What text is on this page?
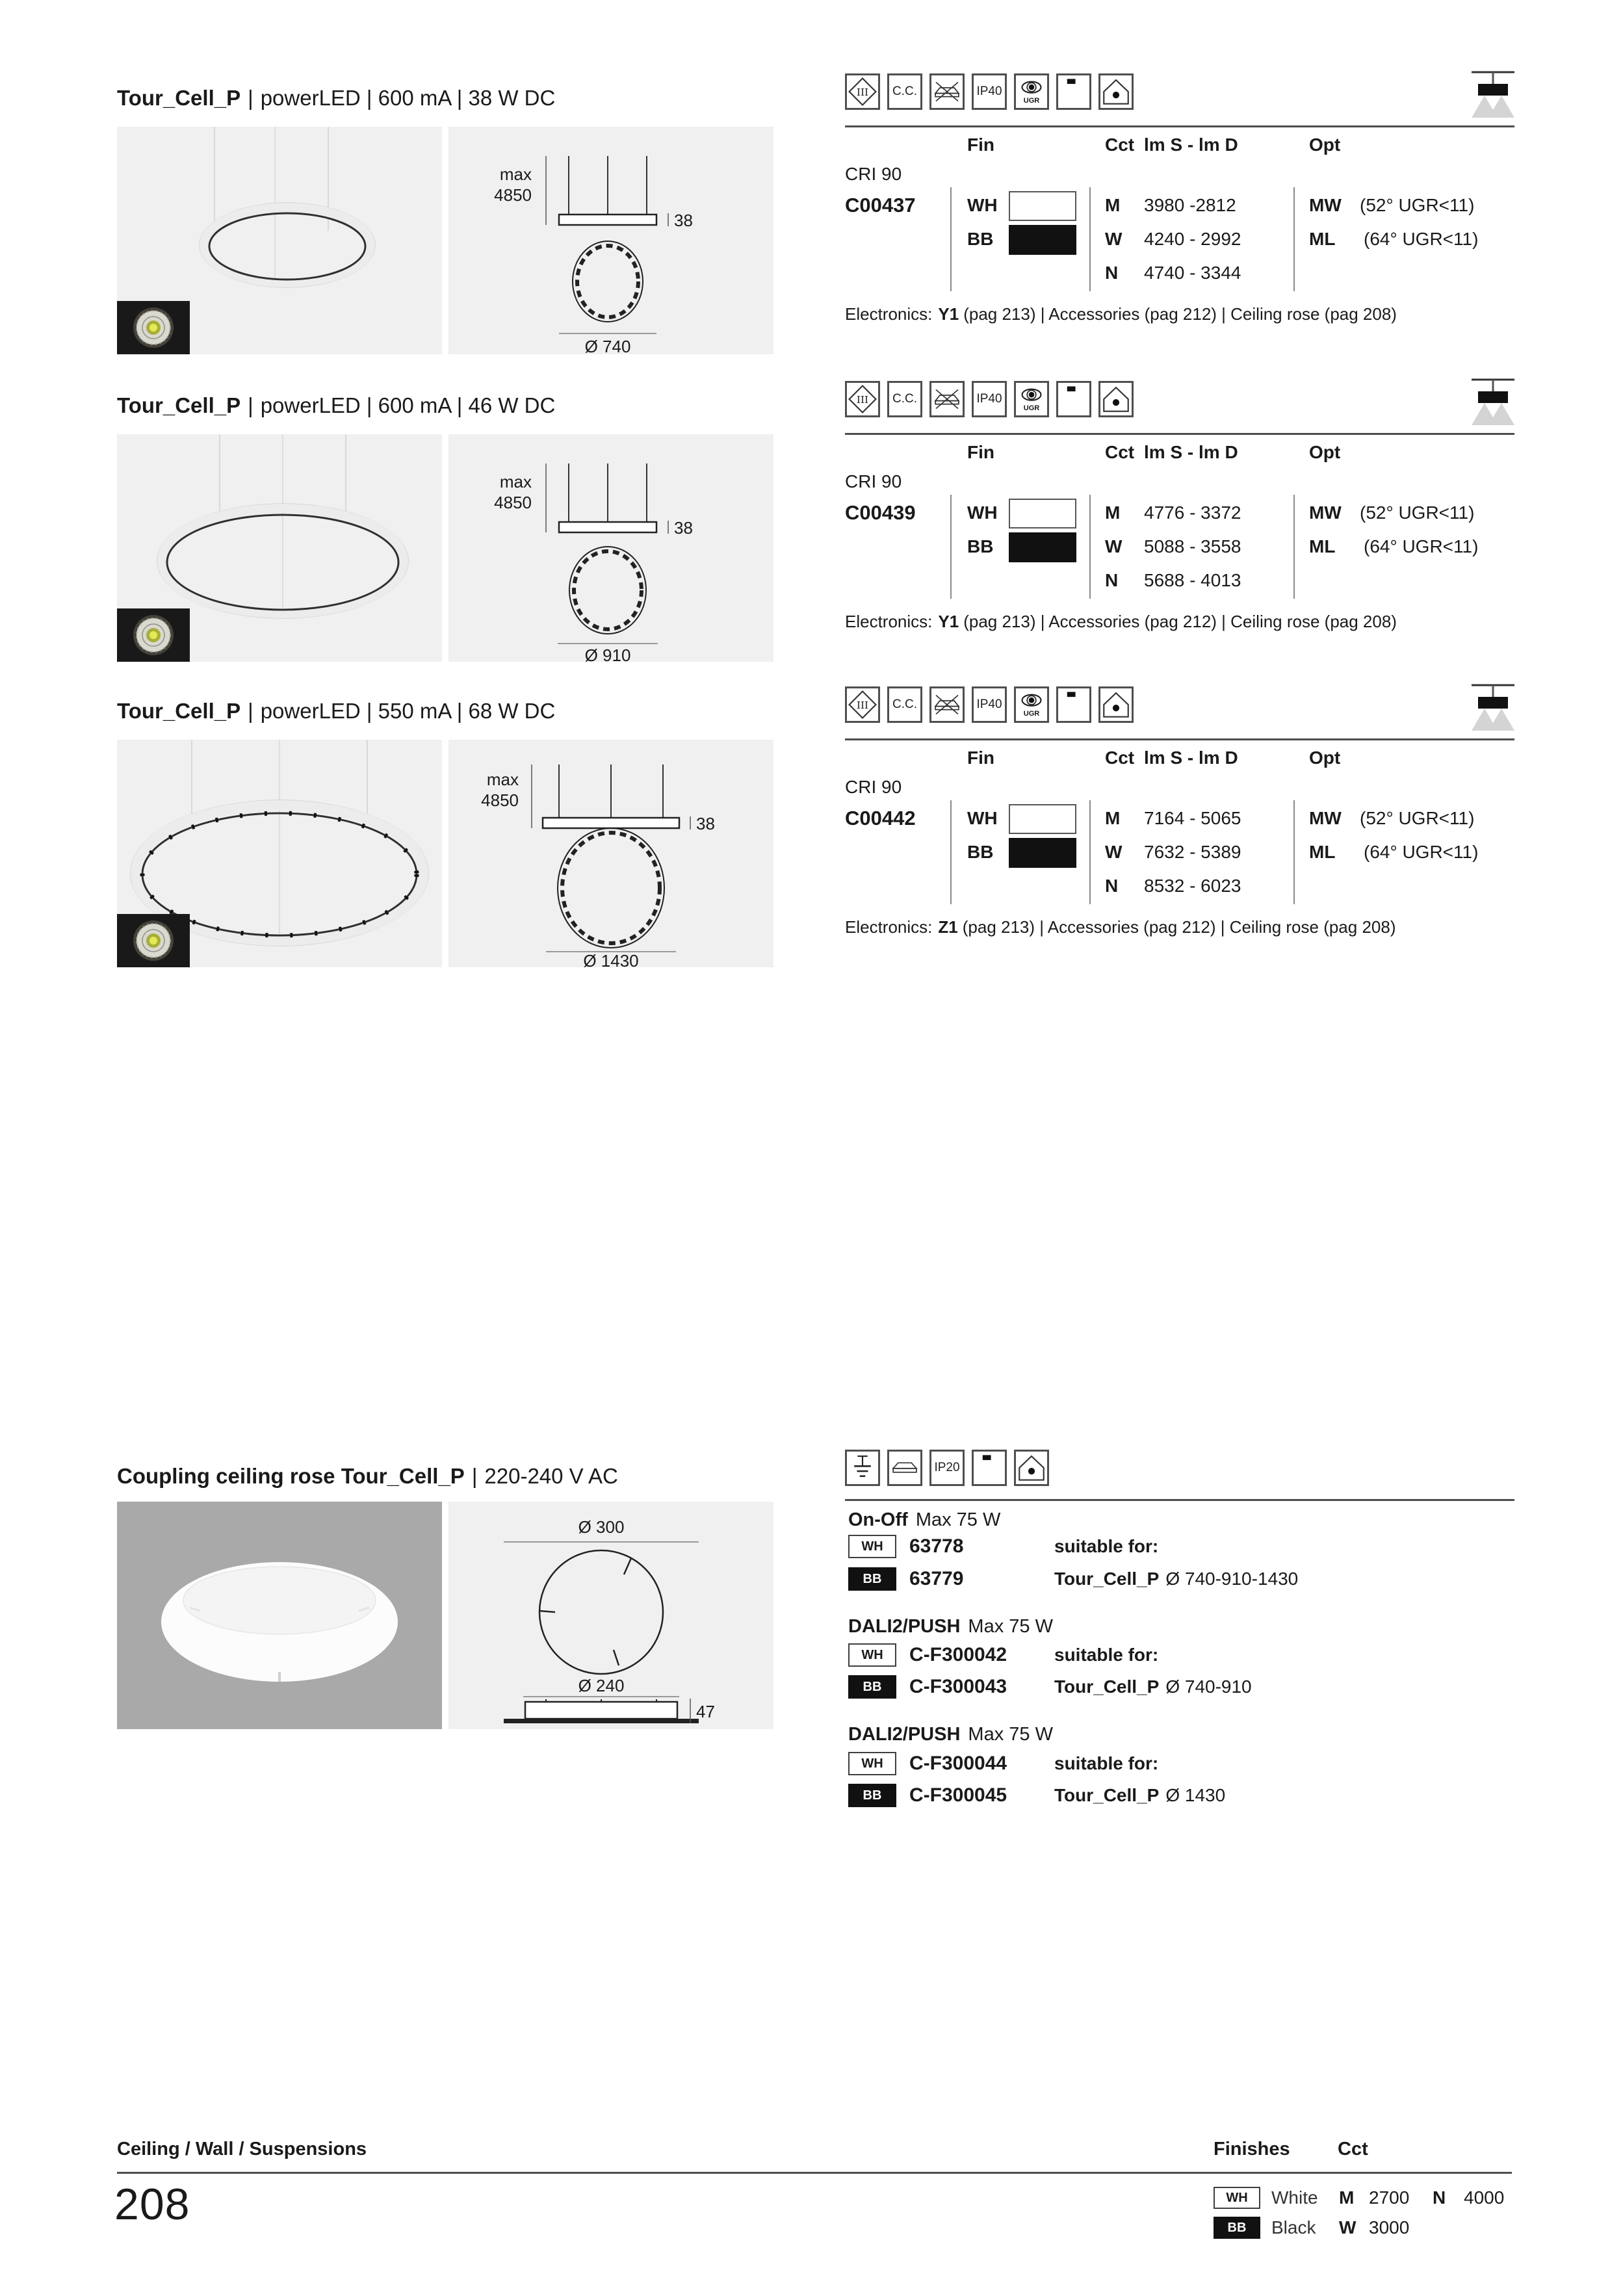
Tour_Cell_P | powerLED | 600 mA | 38 W DC
max
4850
38
Ø 740
III C.C.	IP40
UGR
Fin	Cct lm S - lm D	Opt
CRI 90
C00437	WH	M 3980 -2812	MW (52° UGR<11)
BB	W 4240 - 2992	ML (64° UGR<11)
N 4740 - 3344
Electronics: Y1 (pag 213) | Accessories (pag 212) | Ceiling rose (pag 208)
Tour_Cell_P | powerLED | 600 mA | 46 W DC
max
4850
38
Ø 910
III C.C.	IP40
UGR
Fin	Cct lm S - lm D	Opt
CRI 90
C00439	WH	M 4776 - 3372	MW (52° UGR<11)
BB	W 5088 - 3558	ML (64° UGR<11)
N 5688 - 4013
Electronics: Y1 (pag 213) | Accessories (pag 212) | Ceiling rose (pag 208)
Tour_Cell_P | powerLED | 550 mA | 68 W DC
max
4850
38
Ø 1430
III C.C.	IP40
UGR
Fin	Cct lm S - lm D	Opt
CRI 90
C00442	WH	M 7164 - 5065	MW (52° UGR<11)
BB	W 7632 - 5389	ML (64° UGR<11)
N 8532 - 6023
Electronics: Z1 (pag 213) | Accessories (pag 212) | Ceiling rose (pag 208)
Coupling ceiling rose Tour_Cell_P | 220-240 V AC
Ø 300
Ø 240
47
IP20
On-Off Max 75 W
WH	63778	suitable for:
BB	63779	Tour_Cell_P Ø 740-910-1430
DALI2/PUSH Max 75 W
WH	C-F300042	suitable for:
BB	C-F300043	Tour_Cell_P Ø 740-910
DALI2/PUSH Max 75 W
WH	C-F300044	suitable for:
BB	C-F300045	Tour_Cell_P Ø 1430
Ceiling / Wall / Suspensions	Finishes	Cct
208	WH	White M 2700 N 4000
BB	Black W 3000
